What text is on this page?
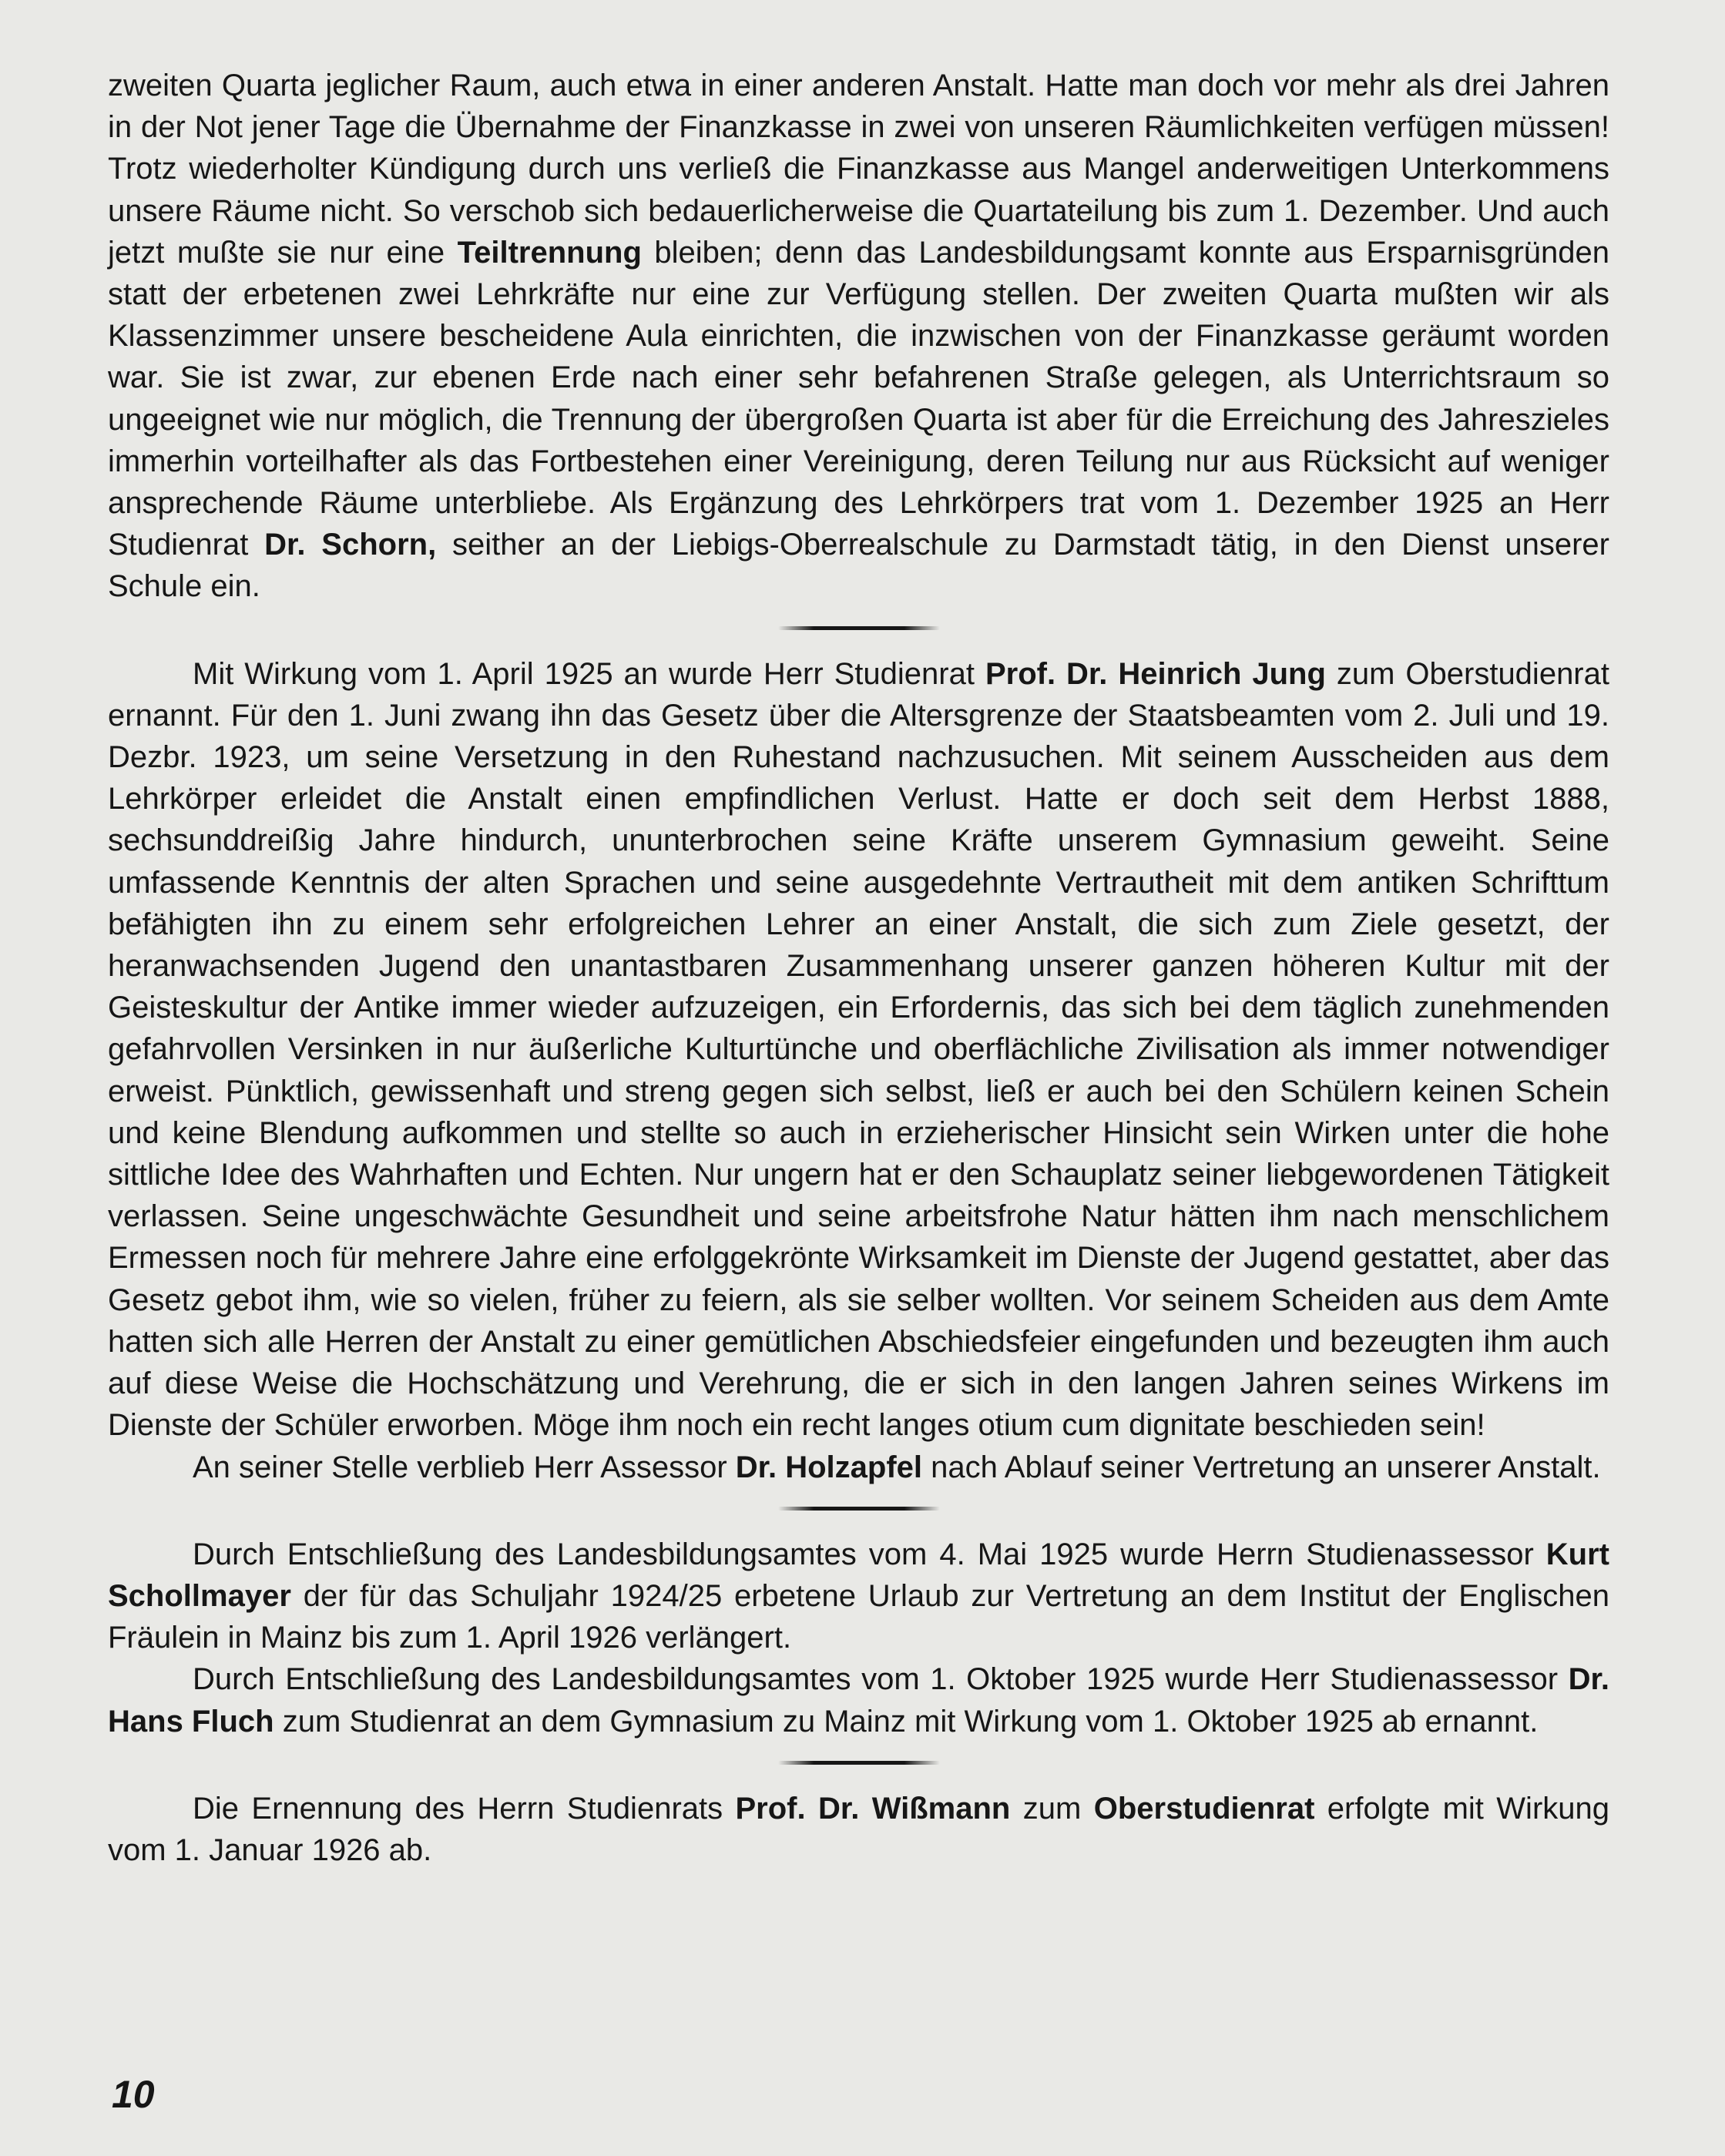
zweiten Quarta jeglicher Raum, auch etwa in einer anderen Anstalt. Hatte man doch vor mehr als drei Jahren in der Not jener Tage die Übernahme der Finanzkasse in zwei von unseren Räumlichkeiten verfügen müssen! Trotz wiederholter Kündigung durch uns verließ die Finanzkasse aus Mangel anderweitigen Unterkommens unsere Räume nicht. So verschob sich bedauerlicherweise die Quartateilung bis zum 1. Dezember. Und auch jetzt mußte sie nur eine Teiltrennung bleiben; denn das Landesbildungsamt konnte aus Ersparnisgründen statt der erbetenen zwei Lehrkräfte nur eine zur Verfügung stellen. Der zweiten Quarta mußten wir als Klassenzimmer unsere bescheidene Aula einrichten, die inzwischen von der Finanzkasse geräumt worden war. Sie ist zwar, zur ebenen Erde nach einer sehr befahrenen Straße gelegen, als Unterrichtsraum so ungeeignet wie nur möglich, die Trennung der übergroßen Quarta ist aber für die Erreichung des Jahreszieles immerhin vorteilhafter als das Fortbestehen einer Vereinigung, deren Teilung nur aus Rücksicht auf weniger ansprechende Räume unterbliebe. Als Ergänzung des Lehrkörpers trat vom 1. Dezember 1925 an Herr Studienrat Dr. Schorn, seither an der Liebigs-Oberrealschule zu Darmstadt tätig, in den Dienst unserer Schule ein.

Mit Wirkung vom 1. April 1925 an wurde Herr Studienrat Prof. Dr. Heinrich Jung zum Oberstudienrat ernannt. Für den 1. Juni zwang ihn das Gesetz über die Altersgrenze der Staatsbeamten vom 2. Juli und 19. Dezbr. 1923, um seine Versetzung in den Ruhestand nachzusuchen. Mit seinem Ausscheiden aus dem Lehrkörper erleidet die Anstalt einen empfindlichen Verlust. Hatte er doch seit dem Herbst 1888, sechsunddreißig Jahre hindurch, ununterbrochen seine Kräfte unserem Gymnasium geweiht. Seine umfassende Kenntnis der alten Sprachen und seine ausgedehnte Vertrautheit mit dem antiken Schrifttum befähigten ihn zu einem sehr erfolgreichen Lehrer an einer Anstalt, die sich zum Ziele gesetzt, der heranwachsenden Jugend den unantastbaren Zusammenhang unserer ganzen höheren Kultur mit der Geisteskultur der Antike immer wieder aufzuzeigen, ein Erfordernis, das sich bei dem täglich zunehmenden gefahrvollen Versinken in nur äußerliche Kulturtünche und oberflächliche Zivilisation als immer notwendiger erweist. Pünktlich, gewissenhaft und streng gegen sich selbst, ließ er auch bei den Schülern keinen Schein und keine Blendung aufkommen und stellte so auch in erzieherischer Hinsicht sein Wirken unter die hohe sittliche Idee des Wahrhaften und Echten. Nur ungern hat er den Schauplatz seiner liebgewordenen Tätigkeit verlassen. Seine ungeschwächte Gesundheit und seine arbeitsfrohe Natur hätten ihm nach menschlichem Ermessen noch für mehrere Jahre eine erfolggekrönte Wirksamkeit im Dienste der Jugend gestattet, aber das Gesetz gebot ihm, wie so vielen, früher zu feiern, als sie selber wollten. Vor seinem Scheiden aus dem Amte hatten sich alle Herren der Anstalt zu einer gemütlichen Abschiedsfeier eingefunden und bezeugten ihm auch auf diese Weise die Hochschätzung und Verehrung, die er sich in den langen Jahren seines Wirkens im Dienste der Schüler erworben. Möge ihm noch ein recht langes otium cum dignitate beschieden sein!

An seiner Stelle verblieb Herr Assessor Dr. Holzapfel nach Ablauf seiner Vertretung an unserer Anstalt.

Durch Entschließung des Landesbildungsamtes vom 4. Mai 1925 wurde Herrn Studienassessor Kurt Schollmayer der für das Schuljahr 1924/25 erbetene Urlaub zur Vertretung an dem Institut der Englischen Fräulein in Mainz bis zum 1. April 1926 verlängert.

Durch Entschließung des Landesbildungsamtes vom 1. Oktober 1925 wurde Herr Studienassessor Dr. Hans Fluch zum Studienrat an dem Gymnasium zu Mainz mit Wirkung vom 1. Oktober 1925 ab ernannt.

Die Ernennung des Herrn Studienrats Prof. Dr. Wißmann zum Oberstudienrat erfolgte mit Wirkung vom 1. Januar 1926 ab.

10
